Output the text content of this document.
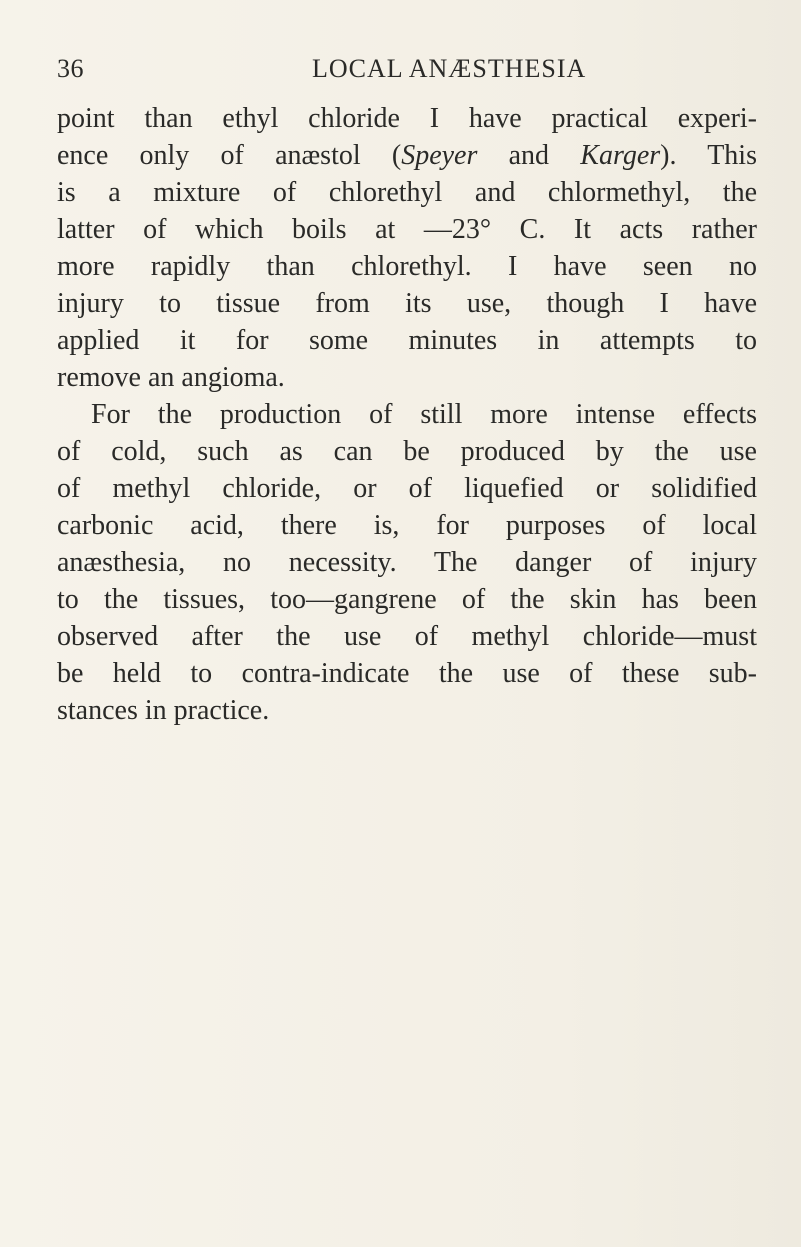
36	LOCAL ANÆSTHESIA
point than ethyl chloride I have practical experi-
ence only of anæstol (Speyer and Karger). This
is a mixture of chlorethyl and chlormethyl, the
latter of which boils at —23° C. It acts rather
more rapidly than chlorethyl. I have seen no
injury to tissue from its use, though I have
applied it for some minutes in attempts to
remove an angioma.
For the production of still more intense effects
of cold, such as can be produced by the use
of methyl chloride, or of liquefied or solidified
carbonic acid, there is, for purposes of local
anæsthesia, no necessity. The danger of injury
to the tissues, too—gangrene of the skin has been
observed after the use of methyl chloride—must
be held to contra-indicate the use of these sub-
stances in practice.
